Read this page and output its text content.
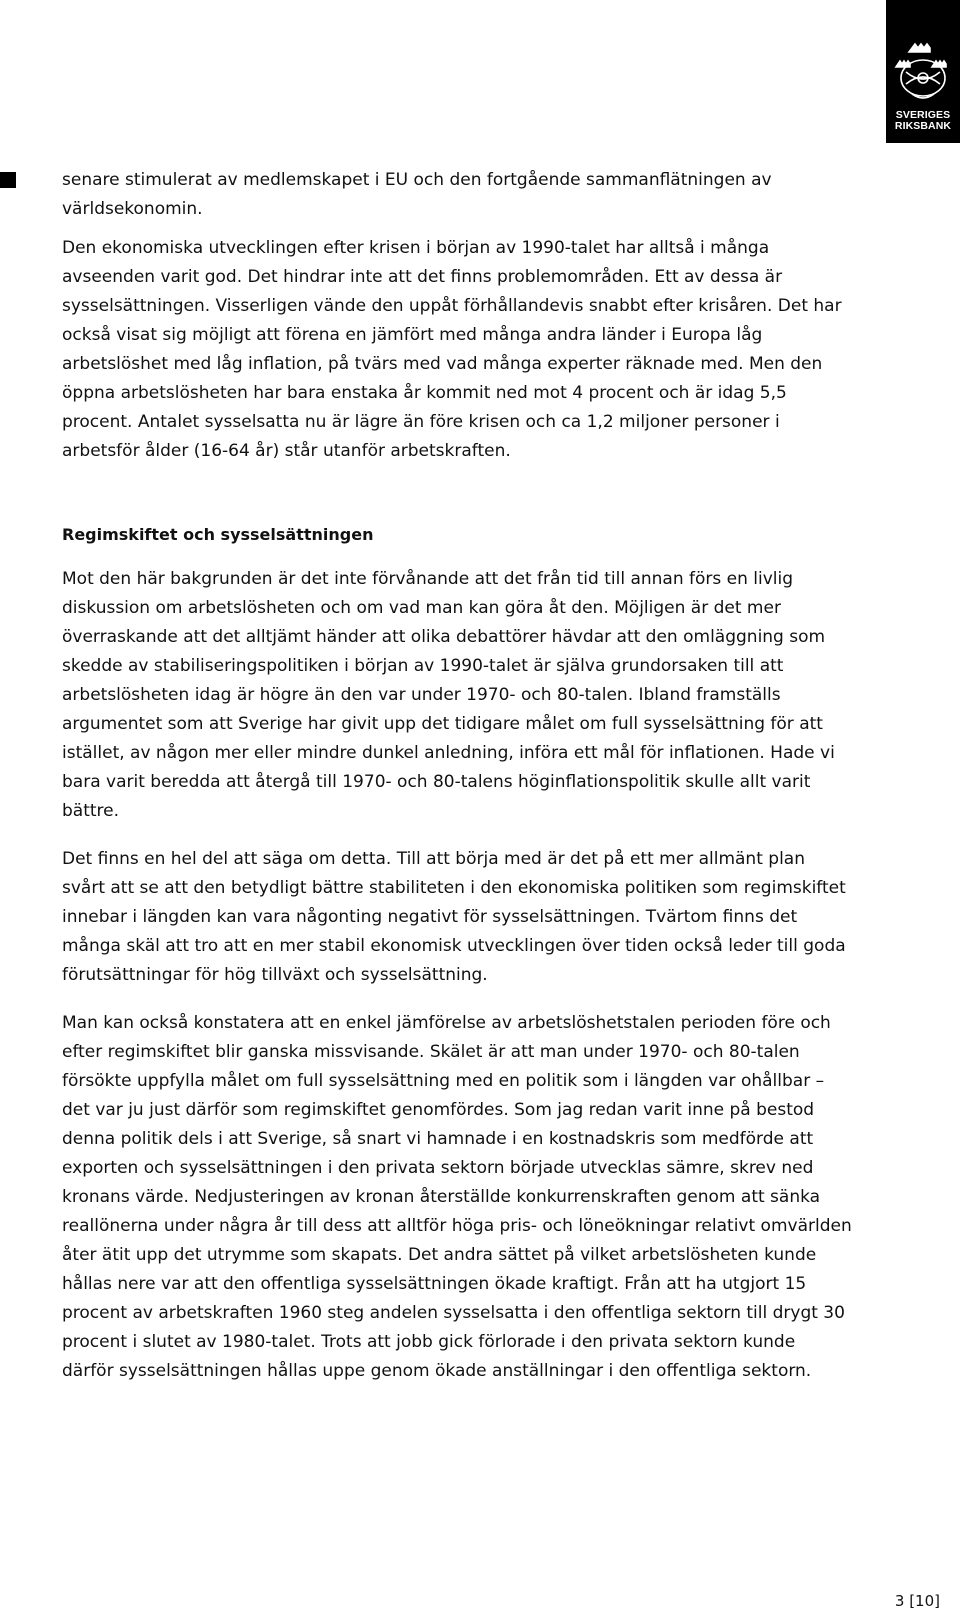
SVERIGES
RIKSBANK

senare stimulerat av medlemskapet i EU och den fortgående sammanflätningen av världsekonomin.

Den ekonomiska utvecklingen efter krisen i början av 1990-talet har alltså i många avseenden varit god. Det hindrar inte att det finns problemområden. Ett av dessa är sysselsättningen. Visserligen vände den uppåt förhållandevis snabbt efter krisåren. Det har också visat sig möjligt att förena en jämfört med många andra länder i Europa låg arbetslöshet med låg inflation, på tvärs med vad många experter räknade med. Men den öppna arbetslösheten har bara enstaka år kommit ned mot 4 procent och är idag 5,5 procent. Antalet sysselsatta nu är lägre än före krisen och ca 1,2 miljoner personer i arbetsför ålder (16-64 år) står utanför arbetskraften.

Regimskiftet och sysselsättningen

Mot den här bakgrunden är det inte förvånande att det från tid till annan förs en livlig diskussion om arbetslösheten och om vad man kan göra åt den. Möjligen är det mer överraskande att det alltjämt händer att olika debattörer hävdar att den omläggning som skedde av stabiliseringspolitiken i början av 1990-talet är själva grundorsaken till att arbetslösheten idag är högre än den var under 1970- och 80-talen. Ibland framställs argumentet som att Sverige har givit upp det tidigare målet om full sysselsättning för att istället, av någon mer eller mindre dunkel anledning, införa ett mål för inflationen. Hade vi bara varit beredda att återgå till 1970- och 80-talens höginflationspolitik skulle allt varit bättre.

Det finns en hel del att säga om detta. Till att börja med är det på ett mer allmänt plan svårt att se att den betydligt bättre stabiliteten i den ekonomiska politiken som regimskiftet innebar i längden kan vara någonting negativt för sysselsättningen. Tvärtom finns det många skäl att tro att en mer stabil ekonomisk utvecklingen över tiden också leder till goda förutsättningar för hög tillväxt och sysselsättning.

Man kan också konstatera att en enkel jämförelse av arbetslöshetstalen perioden före och efter regimskiftet blir ganska missvisande. Skälet är att man under 1970- och 80-talen försökte uppfylla målet om full sysselsättning med en politik som i längden var ohållbar – det var ju just därför som regimskiftet genomfördes. Som jag redan varit inne på bestod denna politik dels i att Sverige, så snart vi hamnade i en kostnadskris som medförde att exporten och sysselsättningen i den privata sektorn började utvecklas sämre, skrev ned kronans värde. Nedjusteringen av kronan återställde konkurrenskraften genom att sänka reallönerna under några år till dess att alltför höga pris- och löneökningar relativt omvärlden åter ätit upp det utrymme som skapats. Det andra sättet på vilket arbetslösheten kunde hållas nere var att den offentliga sysselsättningen ökade kraftigt. Från att ha utgjort 15 procent av arbetskraften 1960 steg andelen sysselsatta i den offentliga sektorn till drygt 30 procent i slutet av 1980-talet. Trots att jobb gick förlorade i den privata sektorn kunde därför sysselsättningen hållas uppe genom ökade anställningar i den offentliga sektorn.

3 [10]
